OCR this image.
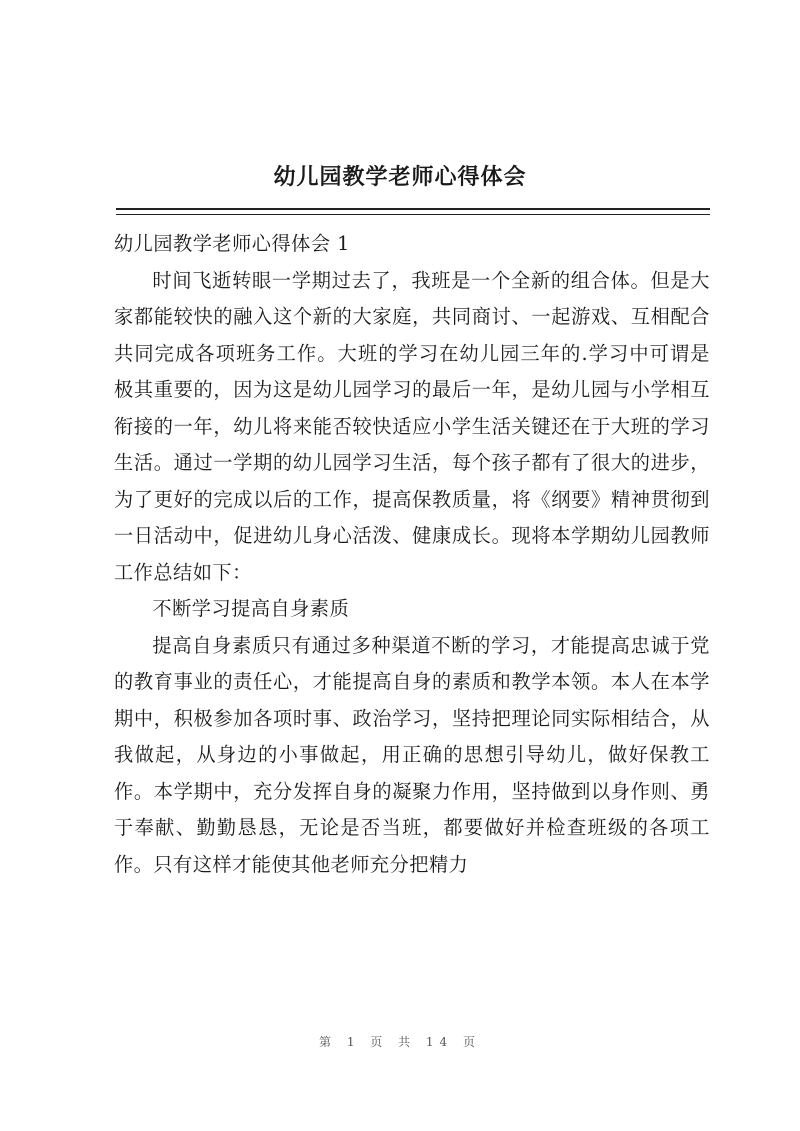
幼儿园教学老师心得体会

幼儿园教学老师心得体会 1

时间飞逝转眼一学期过去了，我班是一个全新的组合体。但是大家都能较快的融入这个新的大家庭，共同商讨、一起游戏、互相配合共同完成各项班务工作。大班的学习在幼儿园三年的.学习中可谓是极其重要的，因为这是幼儿园学习的最后一年，是幼儿园与小学相互衔接的一年，幼儿将来能否较快适应小学生活关键还在于大班的学习生活。通过一学期的幼儿园学习生活，每个孩子都有了很大的进步，为了更好的完成以后的工作，提高保教质量，将《纲要》精神贯彻到一日活动中，促进幼儿身心活泼、健康成长。现将本学期幼儿园教师工作总结如下：

不断学习提高自身素质

提高自身素质只有通过多种渠道不断的学习，才能提高忠诚于党的教育事业的责任心，才能提高自身的素质和教学本领。本人在本学期中，积极参加各项时事、政治学习，坚持把理论同实际相结合，从我做起，从身边的小事做起，用正确的思想引导幼儿，做好保教工作。本学期中，充分发挥自身的凝聚力作用，坚持做到以身作则、勇于奉献、勤勤恳恳，无论是否当班，都要做好并检查班级的各项工作。只有这样才能使其他老师充分把精力

第 1 页 共 14 页
